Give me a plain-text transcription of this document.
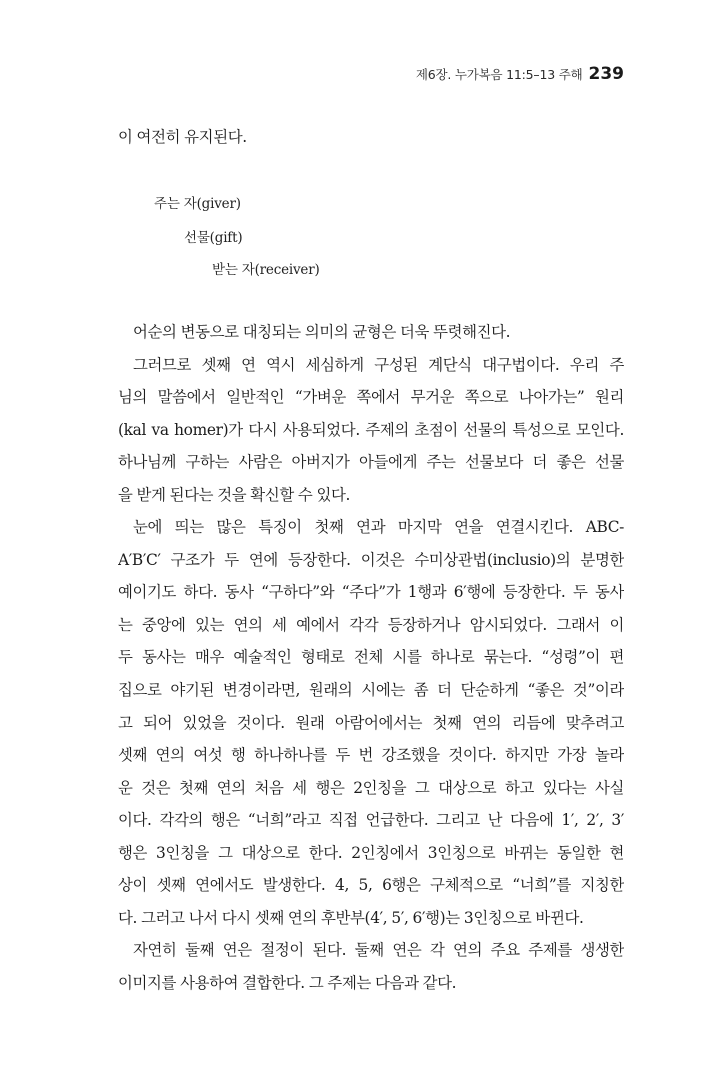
제6장. 누가복음 11:5–13 주해 239
이 여전히 유지된다.
주는 자(giver)
선물(gift)
받는 자(receiver)
어순의 변동으로 대칭되는 의미의 균형은 더욱 뚜렷해진다.
그러므로 셋째 연 역시 세심하게 구성된 계단식 대구법이다. 우리 주
님의 말씀에서 일반적인 “가벼운 쪽에서 무거운 쪽으로 나아가는” 원리
(kal va homer)가 다시 사용되었다. 주제의 초점이 선물의 특성으로 모인다.
하나님께 구하는 사람은 아버지가 아들에게 주는 선물보다 더 좋은 선물
을 받게 된다는 것을 확신할 수 있다.
눈에 띄는 많은 특징이 첫째 연과 마지막 연을 연결시킨다. ABC-
A′B′C′ 구조가 두 연에 등장한다. 이것은 수미상관법(inclusio)의 분명한
예이기도 하다. 동사 “구하다”와 “주다”가 1행과 6′행에 등장한다. 두 동사
는 중앙에 있는 연의 세 예에서 각각 등장하거나 암시되었다. 그래서 이
두 동사는 매우 예술적인 형태로 전체 시를 하나로 묶는다. “성령”이 편
집으로 야기된 변경이라면, 원래의 시에는 좀 더 단순하게 “좋은 것”이라
고 되어 있었을 것이다. 원래 아람어에서는 첫째 연의 리듬에 맞추려고
셋째 연의 여섯 행 하나하나를 두 번 강조했을 것이다. 하지만 가장 놀라
운 것은 첫째 연의 처음 세 행은 2인칭을 그 대상으로 하고 있다는 사실
이다. 각각의 행은 “너희”라고 직접 언급한다. 그리고 난 다음에 1′, 2′, 3′
행은 3인칭을 그 대상으로 한다. 2인칭에서 3인칭으로 바뀌는 동일한 현
상이 셋째 연에서도 발생한다. 4, 5, 6행은 구체적으로 “너희”를 지칭한
다. 그러고 나서 다시 셋째 연의 후반부(4′, 5′, 6′행)는 3인칭으로 바뀐다.
자연히 둘째 연은 절정이 된다. 둘째 연은 각 연의 주요 주제를 생생한
이미지를 사용하여 결합한다. 그 주제는 다음과 같다.
